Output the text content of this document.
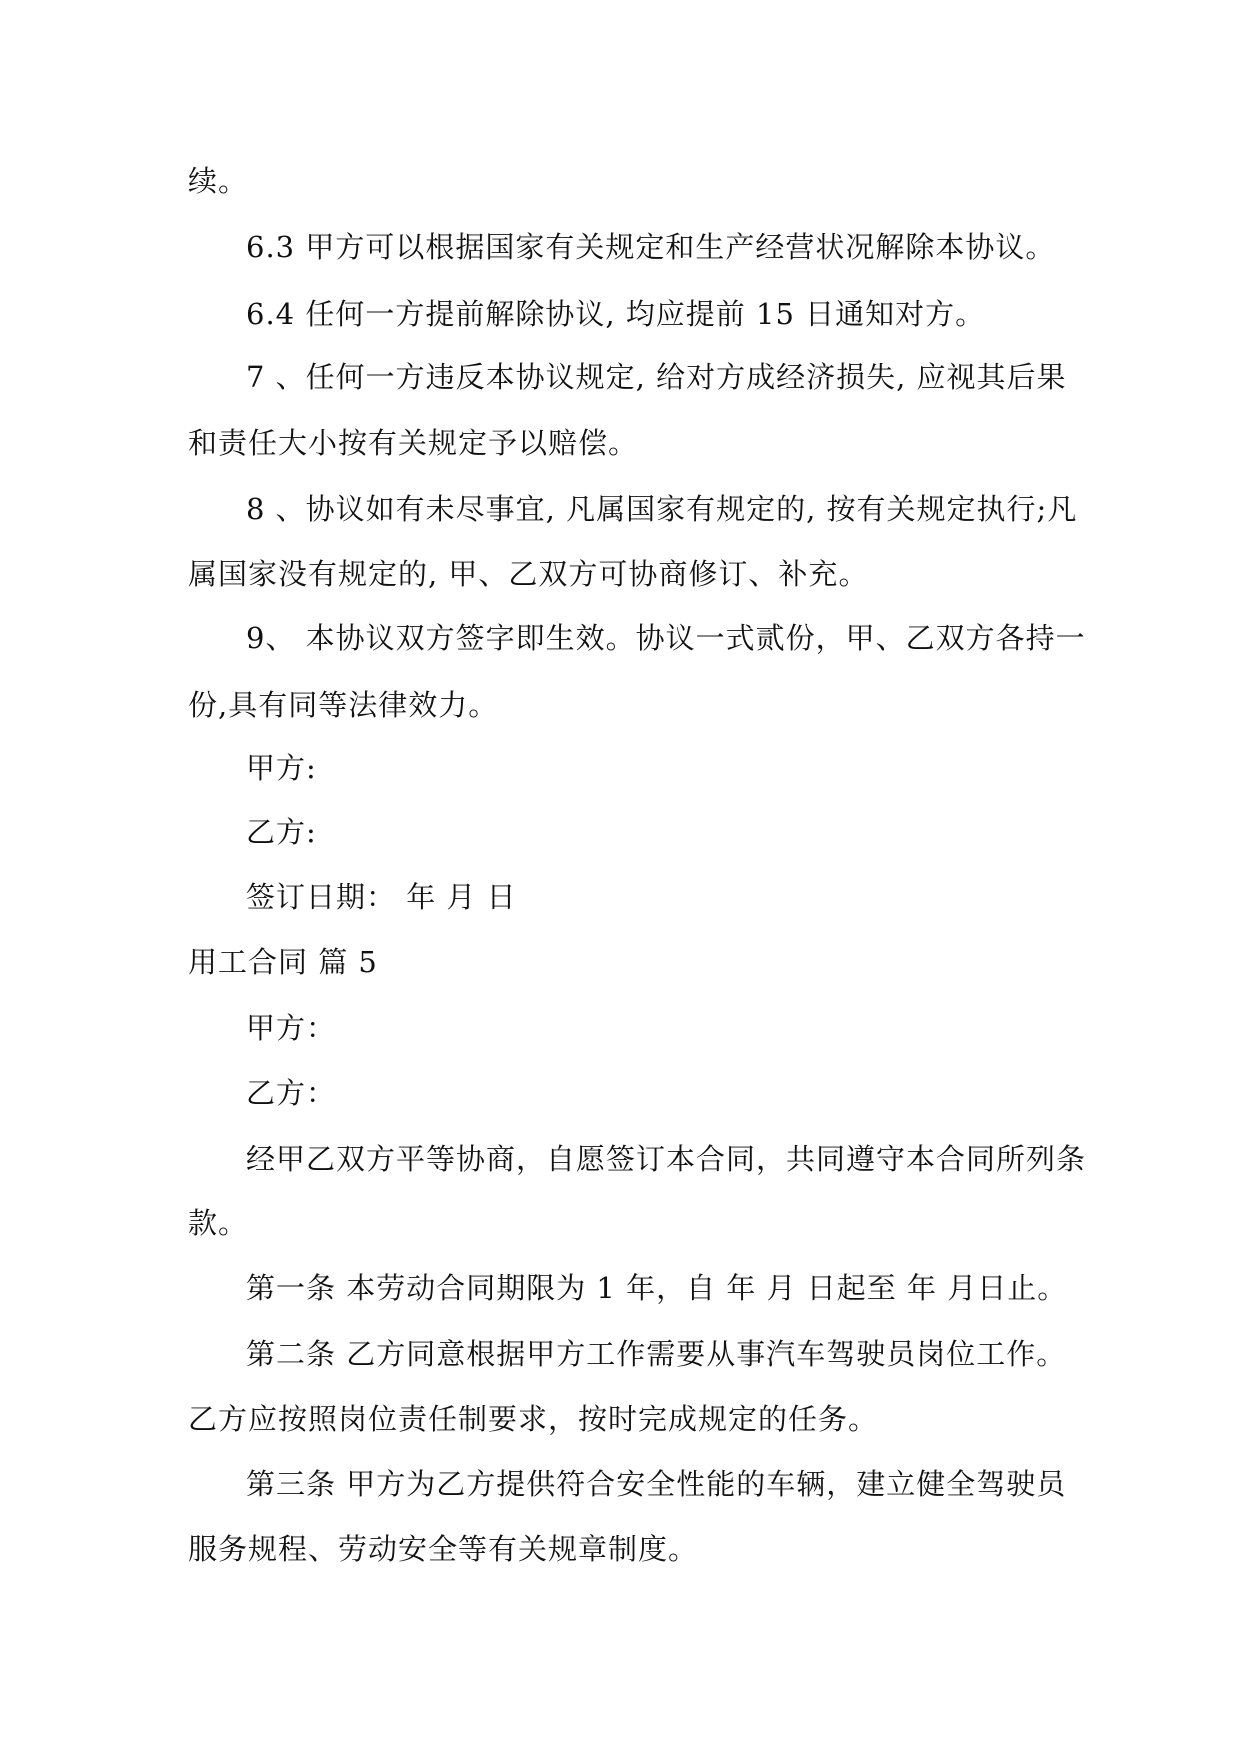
续。
6.3 甲方可以根据国家有关规定和生产经营状况解除本协议。
6.4 任何一方提前解除协议, 均应提前 15 日通知对方。
7 、任何一方违反本协议规定, 给对方成经济损失, 应视其后果
和责任大小按有关规定予以赔偿。
8 、协议如有未尽事宜, 凡属国家有规定的, 按有关规定执行;凡
属国家没有规定的, 甲、乙双方可协商修订、补充。
9、 本协议双方签字即生效。协议一式贰份，甲、乙双方各持一
份,具有同等法律效力。
甲方:
乙方:
签订日期： 年 月 日
用工合同 篇 5
甲方：
乙方：
经甲乙双方平等协商，自愿签订本合同，共同遵守本合同所列条
款。
第一条 本劳动合同期限为 1 年，自 年 月 日起至 年 月日止。
第二条 乙方同意根据甲方工作需要从事汽车驾驶员岗位工作。
乙方应按照岗位责任制要求，按时完成规定的任务。
第三条 甲方为乙方提供符合安全性能的车辆，建立健全驾驶员
服务规程、劳动安全等有关规章制度。
